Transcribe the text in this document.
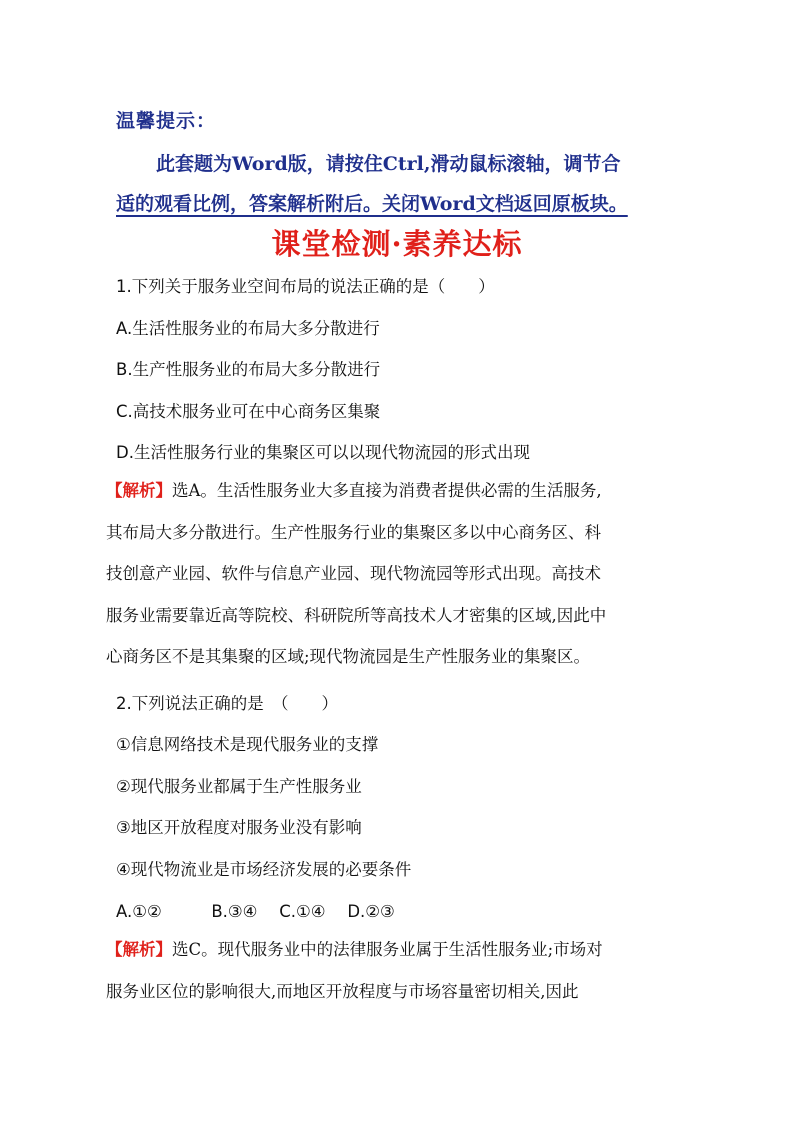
温馨提示：
此套题为Word版，请按住Ctrl,滑动鼠标滚轴，调节合
适的观看比例，答案解析附后。关闭Word文档返回原板块。
课堂检测·素养达标
1.下列关于服务业空间布局的说法正确的是（　　）
A.生活性服务业的布局大多分散进行
B.生产性服务业的布局大多分散进行
C.高技术服务业可在中心商务区集聚
D.生活性服务行业的集聚区可以以现代物流园的形式出现
【解析】选A。生活性服务业大多直接为消费者提供必需的生活服务,
其布局大多分散进行。生产性服务行业的集聚区多以中心商务区、科
技创意产业园、软件与信息产业园、现代物流园等形式出现。高技术
服务业需要靠近高等院校、科研院所等高技术人才密集的区域,因此中
心商务区不是其集聚的区域;现代物流园是生产性服务业的集聚区。
2.下列说法正确的是　（　　）
①信息网络技术是现代服务业的支撑
②现代服务业都属于生产性服务业
③地区开放程度对服务业没有影响
④现代物流业是市场经济发展的必要条件
A.①②　　　B.③④　 C.①④　 D.②③
【解析】选C。现代服务业中的法律服务业属于生活性服务业;市场对
服务业区位的影响很大,而地区开放程度与市场容量密切相关,因此
